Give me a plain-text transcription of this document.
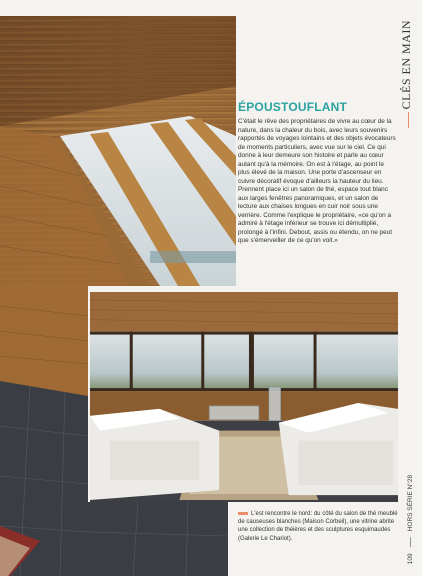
ÉPOUSTOUFLANT

C'était le rêve des propriétaires de vivre au cœur de la nature, dans la chaleur du bois, avec leurs souvenirs rapportés de voyages lointains et des objets évocateurs de moments particuliers, avec vue sur le ciel. Ce qui donne à leur demeure son histoire et parle au cœur autant qu'à la mémoire. On est à l'étage, au point le plus élevé de la maison. Une porte d'ascenseur en cuivre décoratif évoque d'ailleurs la hauteur du lieu. Prennent place ici un salon de thé, espace tout blanc aux larges fenêtres panoramiques, et un salon de lecture aux chaises longues en cuir noir sous une verrière. Comme l'explique le propriétaire, «ce qu'on a admiré à l'étage inférieur se trouve ici démultiplié, prolongé à l'infini. Debout, assis ou étendu, on ne peut que s'émerveiller de ce qu'on voit.»

L'est rencontre le nord: du côté du salon de thé meublé de causeuses blanches (Maison Corbeil), une vitrine abrite une collection de théières et des sculptures esquimaudes (Galerie Le Chariot).

CLÉS EN MAIN
109
HORS SÉRIE N°28
